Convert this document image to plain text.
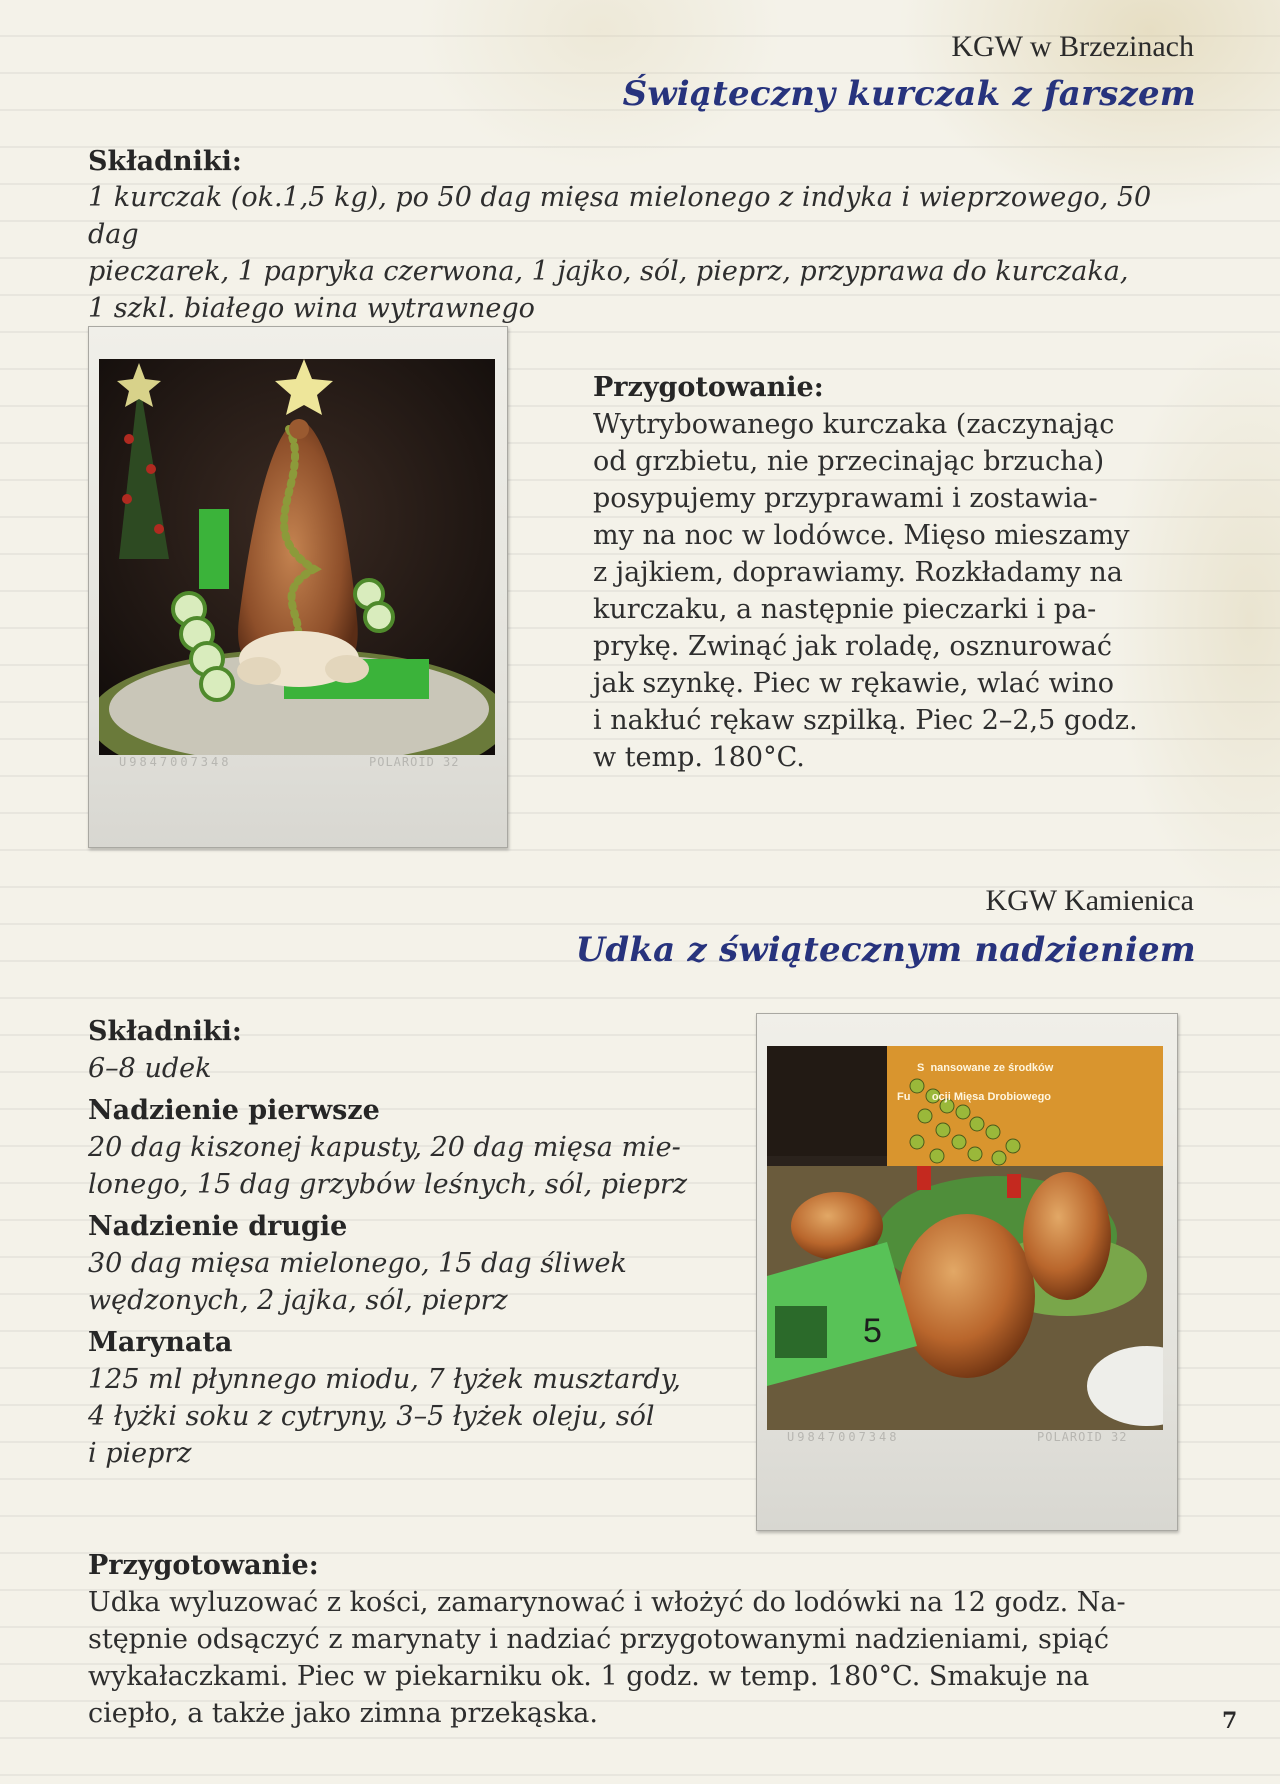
KGW w Brzezinach
Świąteczny kurczak z farszem
Składniki:
1 kurczak (ok.1,5 kg), po 50 dag mięsa mielonego z indyka i wieprzowego, 50 dag
pieczarek, 1 papryka czerwona, 1 jajko, sól, pieprz, przyprawa do kurczaka,
1 szkl. białego wina wytrawnego
U9847007348	POLAROID 32
Przygotowanie:
Wytrybowanego kurczaka (zaczynając
od grzbietu, nie przecinając brzucha)
posypujemy przyprawami i zostawia-
my na noc w lodówce. Mięso mieszamy
z jajkiem, doprawiamy. Rozkładamy na
kurczaku, a następnie pieczarki i pa-
prykę. Zwinąć jak roladę, osznurować
jak szynkę. Piec w rękawie, wlać wino
i nakłuć rękaw szpilką. Piec 2–2,5 godz.
w temp. 180°C.
KGW Kamienica
Udka z świątecznym nadzieniem
Składniki:
6–8 udek
Nadzienie pierwsze
20 dag kiszonej kapusty, 20 dag mięsa mie-
lonego, 15 dag grzybów leśnych, sól, pieprz
Nadzienie drugie
30 dag mięsa mielonego, 15 dag śliwek
wędzonych, 2 jajka, sól, pieprz
Marynata
125 ml płynnego miodu, 7 łyżek musztardy,
4 łyżki soku z cytryny, 3–5 łyżek oleju, sól
i pieprz
S  nansowane ze środków
Fu       ocji Mięsa Drobiowego
5
U9847007348	POLAROID 32
Przygotowanie:
Udka wyluzować z kości, zamarynować i włożyć do lodówki na 12 godz. Na-
stępnie odsączyć z marynaty i nadziać przygotowanymi nadzieniami, spiąć
wykałaczkami. Piec w piekarniku ok. 1 godz. w temp. 180°C. Smakuje na
ciepło, a także jako zimna przekąska.	7
